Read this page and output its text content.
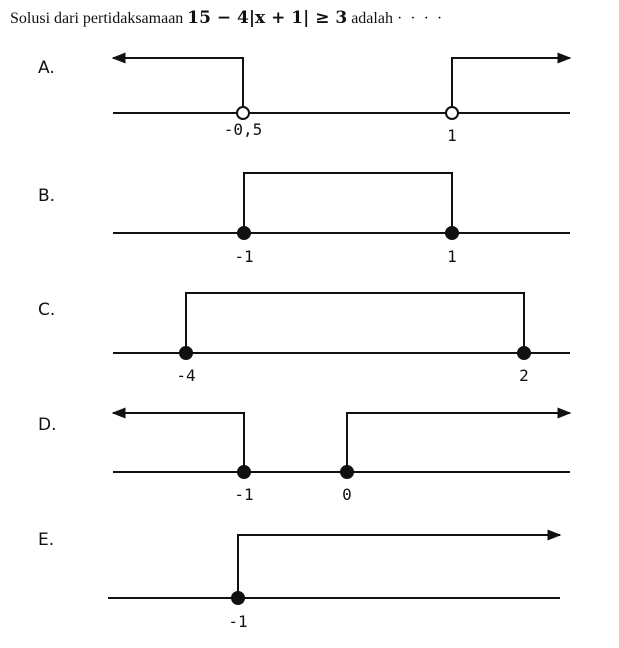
Solusi dari pertidaksamaan 15 − 4|x + 1| ≥ 3 adalah · · · ·
A.
B.
C.
D.
E.
-0,5	1
-1	1
-4	2
-1	0
-1
